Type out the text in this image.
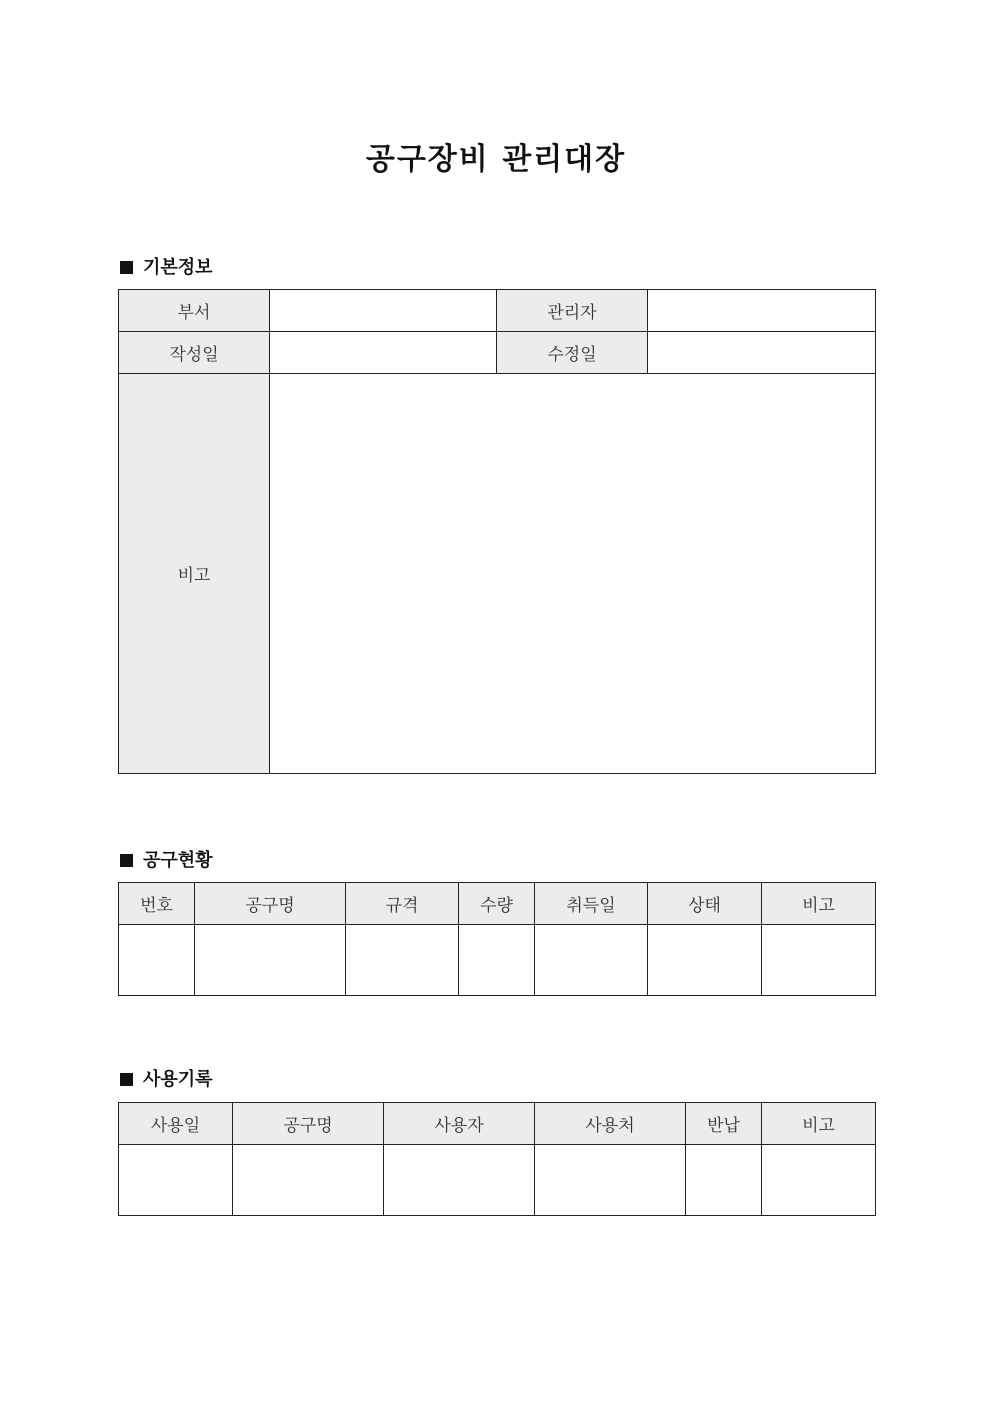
공구장비 관리대장
기본정보
부서		관리자	
작성일		수정일	
비고			
공구현황
번호	공구명	규격	수량	취득일	상태	비고

사용기록
사용일	공구명	사용자	사용처	반납	비고
